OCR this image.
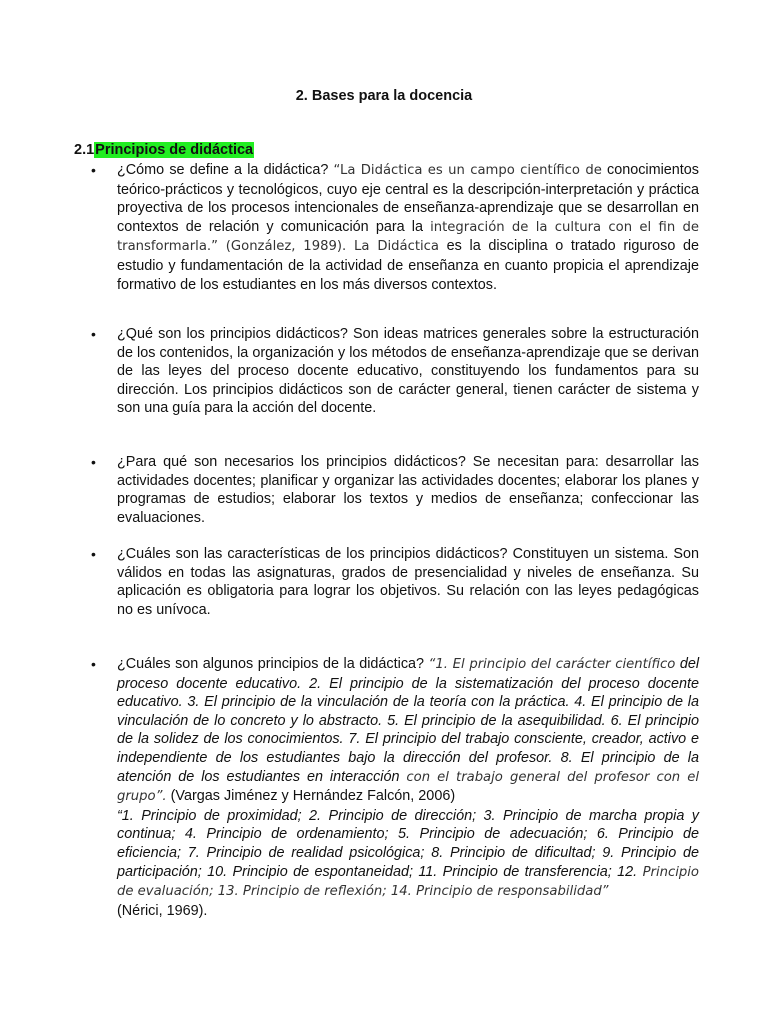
2. Bases para la docencia
2.1Principios de didáctica
• ¿Cómo se define a la didáctica? “La Didáctica es un campo científico de conocimientos teórico-prácticos y tecnológicos, cuyo eje central es la descripción-interpretación y práctica proyectiva de los procesos intencionales de enseñanza-aprendizaje que se desarrollan en contextos de relación y comunicación para la integración de la cultura con el fin de transformarla.” (González, 1989). La Didáctica es la disciplina o tratado riguroso de estudio y fundamentación de la actividad de enseñanza en cuanto propicia el aprendizaje formativo de los estudiantes en los más diversos contextos.
• ¿Qué son los principios didácticos? Son ideas matrices generales sobre la estructuración de los contenidos, la organización y los métodos de enseñanza-aprendizaje que se derivan de las leyes del proceso docente educativo, constituyendo los fundamentos para su dirección. Los principios didácticos son de carácter general, tienen carácter de sistema y son una guía para la acción del docente.
• ¿Para qué son necesarios los principios didácticos? Se necesitan para: desarrollar las actividades docentes; planificar y organizar las actividades docentes; elaborar los planes y programas de estudios; elaborar los textos y medios de enseñanza; confeccionar las evaluaciones.
• ¿Cuáles son las características de los principios didácticos? Constituyen un sistema. Son válidos en todas las asignaturas, grados de presencialidad y niveles de enseñanza. Su aplicación es obligatoria para lograr los objetivos. Su relación con las leyes pedagógicas no es unívoca.
• ¿Cuáles son algunos principios de la didáctica? “1. El principio del carácter científico del proceso docente educativo. 2. El principio de la sistematización del proceso docente educativo. 3. El principio de la vinculación de la teoría con la práctica. 4. El principio de la vinculación de lo concreto y lo abstracto. 5. El principio de la asequibilidad. 6. El principio de la solidez de los conocimientos. 7. El principio del trabajo consciente, creador, activo e independiente de los estudiantes bajo la dirección del profesor. 8. El principio de la atención de los estudiantes en interacción con el trabajo general del profesor con el grupo”. (Vargas Jiménez y Hernández Falcón, 2006)
“1. Principio de proximidad; 2. Principio de dirección; 3. Principio de marcha propia y continua; 4. Principio de ordenamiento; 5. Principio de adecuación; 6. Principio de eficiencia; 7. Principio de realidad psicológica; 8. Principio de dificultad; 9. Principio de participación; 10. Principio de espontaneidad; 11. Principio de transferencia; 12. Principio de evaluación; 13. Principio de reflexión; 14. Principio de responsabilidad”
(Nérici, 1969).
